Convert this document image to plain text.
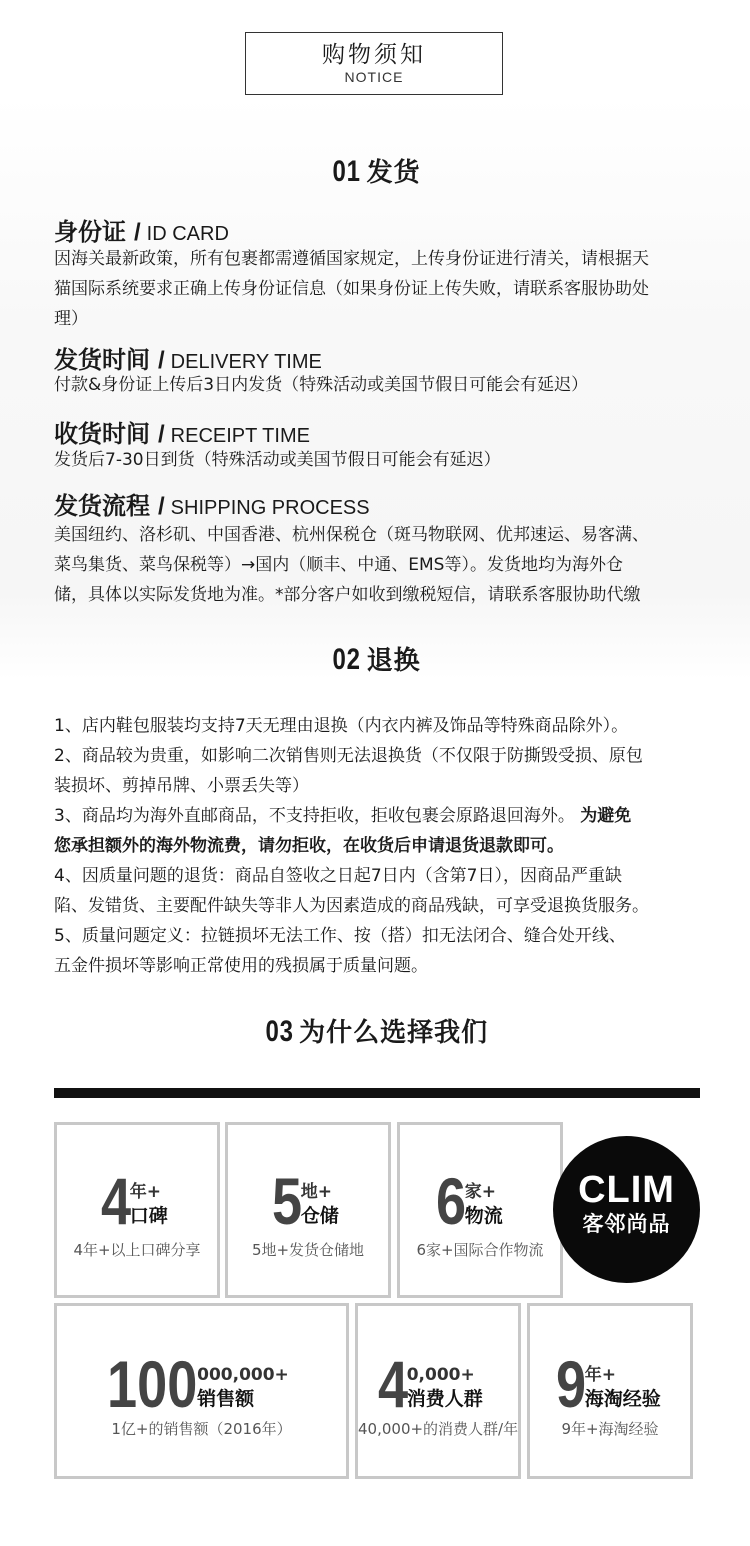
购物须知
NOTICE
01 发货
身份证 / ID CARD

因海关最新政策，所有包裹都需遵循国家规定，上传身份证进行清关，请根据天

猫国际系统要求正确上传身份证信息（如果身份证上传失败，请联系客服协助处

理）

发货时间 / DELIVERY TIME

付款&身份证上传后3日内发货（特殊活动或美国节假日可能会有延迟）

收货时间 / RECEIPT TIME

发货后7-30日到货（特殊活动或美国节假日可能会有延迟）

发货流程 / SHIPPING PROCESS

美国纽约、洛杉矶、中国香港、杭州保税仓（斑马物联网、优邦速运、易客满、

菜鸟集货、菜鸟保税等）→国内（顺丰、中通、EMS等）。发货地均为海外仓

储，具体以实际发货地为准。*部分客户如收到缴税短信，请联系客服协助代缴

02 退换

1、店内鞋包服装均支持7天无理由退换（内衣内裤及饰品等特殊商品除外）。

2、商品较为贵重，如影响二次销售则无法退换货（不仅限于防撕毁受损、原包

装损坏、剪掉吊牌、小票丢失等）

3、商品均为海外直邮商品，不支持拒收，拒收包裹会原路退回海外。 为避免

您承担额外的海外物流费，请勿拒收，在收货后申请退货退款即可。

4、因质量问题的退货：商品自签收之日起7日内（含第7日），因商品严重缺

陷、发错货、主要配件缺失等非人为因素造成的商品残缺，可享受退换货服务。

5、质量问题定义：拉链损坏无法工作、按（搭）扣无法闭合、缝合处开线、

五金件损坏等影响正常使用的残损属于质量问题。

03 为什么选择我们
4
年+
口碑
4年+以上口碑分享
5
地+
仓储
5地+发货仓储地
6
家+
物流
6家+国际合作物流
CLIM
客邻尚品
100 000,000+
销售额
1亿+的销售额（2016年）
4
0,000+
消费人群
40,000+的消费人群/年
9
年+
海淘经验
9年+海淘经验
